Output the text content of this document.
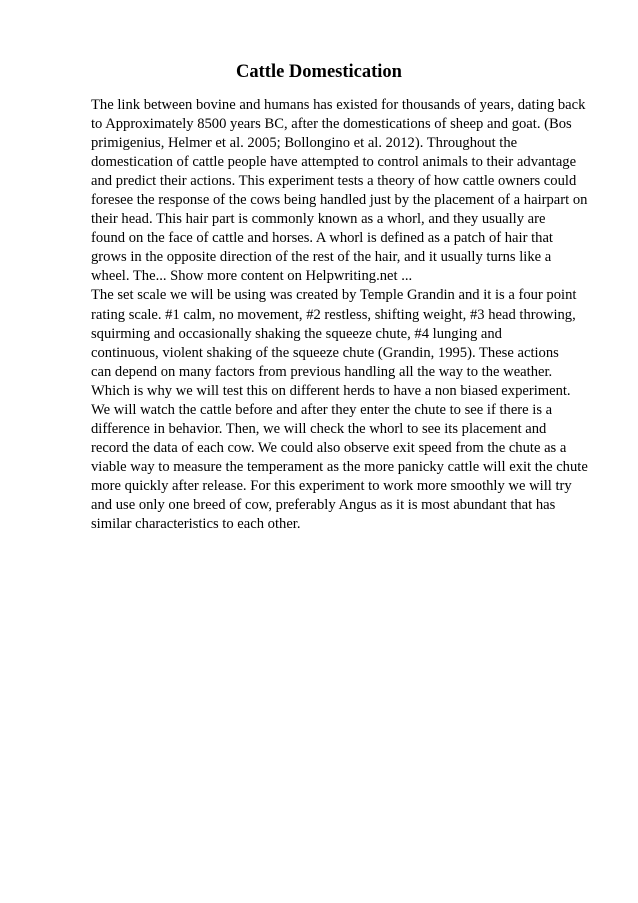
Cattle Domestication
The link between bovine and humans has existed for thousands of years, dating back
to Approximately 8500 years BC, after the domestications of sheep and goat. (Bos
primigenius, Helmer et al. 2005; Bollongino et al. 2012). Throughout the
domestication of cattle people have attempted to control animals to their advantage
and predict their actions. This experiment tests a theory of how cattle owners could
foresee the response of the cows being handled just by the placement of a hairpart on
their head. This hair part is commonly known as a whorl, and they usually are
found on the face of cattle and horses. A whorl is defined as a patch of hair that
grows in the opposite direction of the rest of the hair, and it usually turns like a
wheel. The... Show more content on Helpwriting.net ...
The set scale we will be using was created by Temple Grandin and it is a four point
rating scale. #1 calm, no movement, #2 restless, shifting weight, #3 head throwing,
squirming and occasionally shaking the squeeze chute, #4 lunging and
continuous, violent shaking of the squeeze chute (Grandin, 1995). These actions
can depend on many factors from previous handling all the way to the weather.
Which is why we will test this on different herds to have a non biased experiment.
We will watch the cattle before and after they enter the chute to see if there is a
difference in behavior. Then, we will check the whorl to see its placement and
record the data of each cow. We could also observe exit speed from the chute as a
viable way to measure the temperament as the more panicky cattle will exit the chute
more quickly after release. For this experiment to work more smoothly we will try
and use only one breed of cow, preferably Angus as it is most abundant that has
similar characteristics to each other.
